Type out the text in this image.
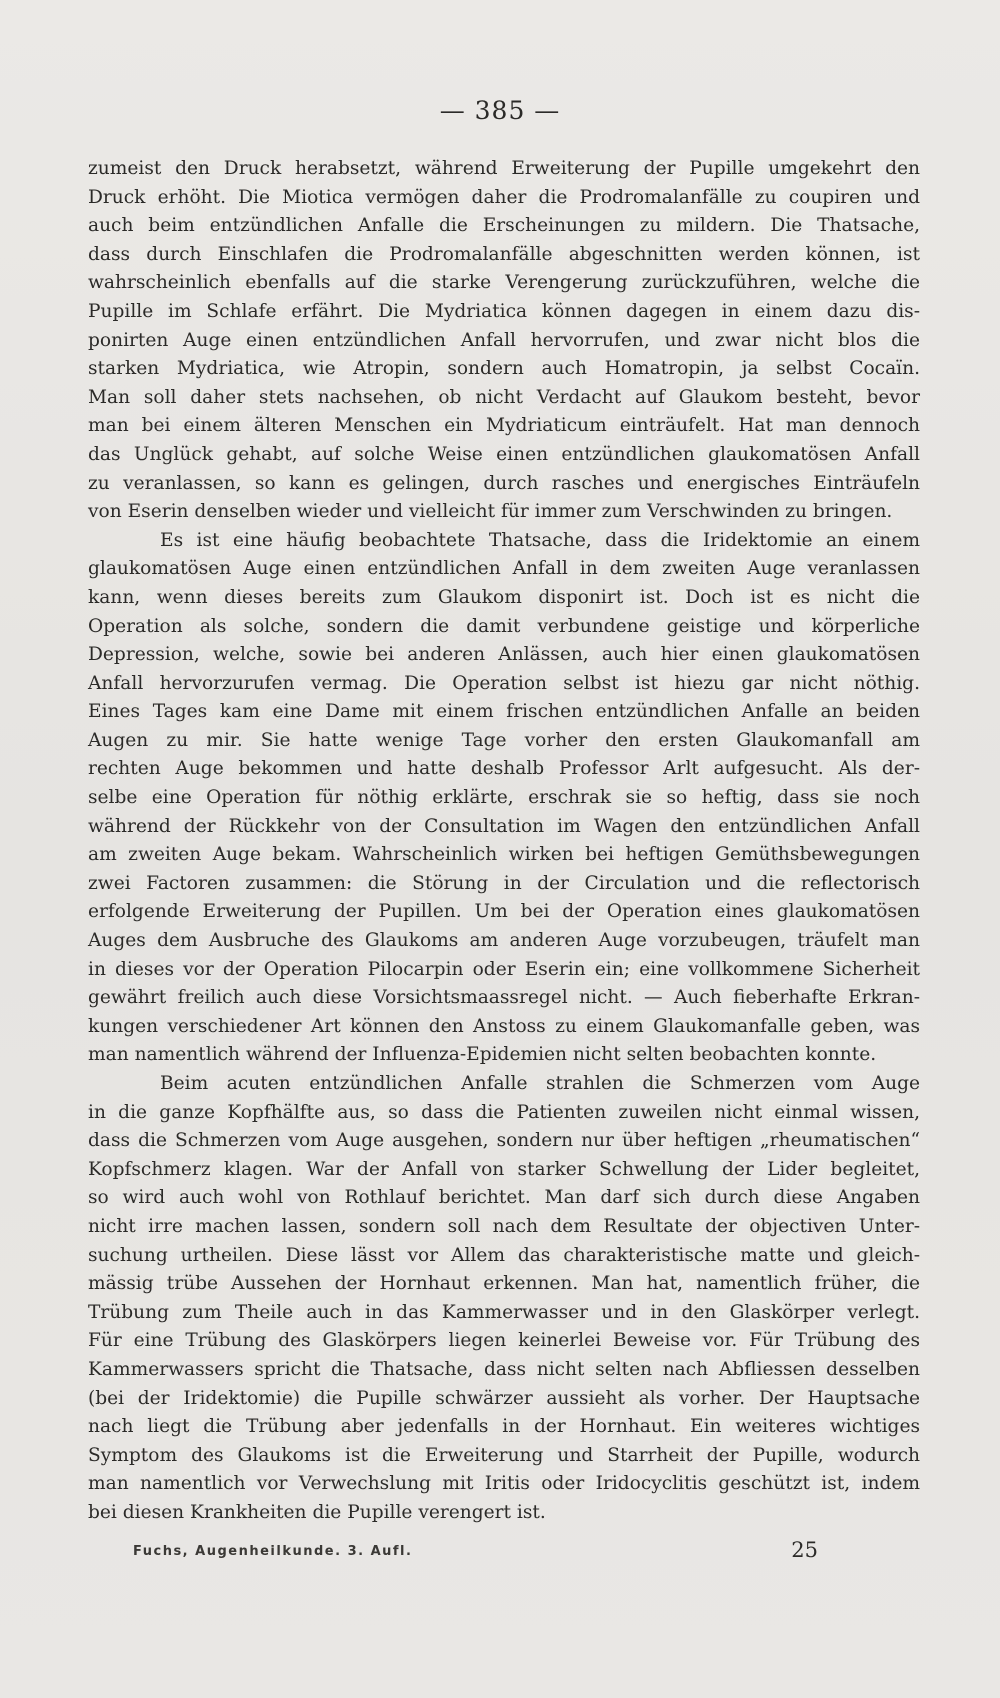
— 385 —

zumeist den Druck herabsetzt, während Erweiterung der Pupille umgekehrt den
Druck erhöht. Die Miotica vermögen daher die Prodromalanfälle zu coupiren und
auch beim entzündlichen Anfalle die Erscheinungen zu mildern. Die Thatsache,
dass durch Einschlafen die Prodromalanfälle abgeschnitten werden können, ist
wahrscheinlich ebenfalls auf die starke Verengerung zurückzuführen, welche die
Pupille im Schlafe erfährt. Die Mydriatica können dagegen in einem dazu dis-
ponirten Auge einen entzündlichen Anfall hervorrufen, und zwar nicht blos die
starken Mydriatica, wie Atropin, sondern auch Homatropin, ja selbst Cocaïn.
Man soll daher stets nachsehen, ob nicht Verdacht auf Glaukom besteht, bevor
man bei einem älteren Menschen ein Mydriaticum einträufelt. Hat man dennoch
das Unglück gehabt, auf solche Weise einen entzündlichen glaukomatösen Anfall
zu veranlassen, so kann es gelingen, durch rasches und energisches Einträufeln
von Eserin denselben wieder und vielleicht für immer zum Verschwinden zu bringen.

Es ist eine häufig beobachtete Thatsache, dass die Iridektomie an einem
glaukomatösen Auge einen entzündlichen Anfall in dem zweiten Auge veranlassen
kann, wenn dieses bereits zum Glaukom disponirt ist. Doch ist es nicht die
Operation als solche, sondern die damit verbundene geistige und körperliche
Depression, welche, sowie bei anderen Anlässen, auch hier einen glaukomatösen
Anfall hervorzurufen vermag. Die Operation selbst ist hiezu gar nicht nöthig.
Eines Tages kam eine Dame mit einem frischen entzündlichen Anfalle an beiden
Augen zu mir. Sie hatte wenige Tage vorher den ersten Glaukomanfall am
rechten Auge bekommen und hatte deshalb Professor Arlt aufgesucht. Als der-
selbe eine Operation für nöthig erklärte, erschrak sie so heftig, dass sie noch
während der Rückkehr von der Consultation im Wagen den entzündlichen Anfall
am zweiten Auge bekam. Wahrscheinlich wirken bei heftigen Gemüthsbewegungen
zwei Factoren zusammen: die Störung in der Circulation und die reflectorisch
erfolgende Erweiterung der Pupillen. Um bei der Operation eines glaukomatösen
Auges dem Ausbruche des Glaukoms am anderen Auge vorzubeugen, träufelt man
in dieses vor der Operation Pilocarpin oder Eserin ein; eine vollkommene Sicherheit
gewährt freilich auch diese Vorsichtsmaassregel nicht. — Auch fieberhafte Erkran-
kungen verschiedener Art können den Anstoss zu einem Glaukomanfalle geben, was
man namentlich während der Influenza-Epidemien nicht selten beobachten konnte.

Beim acuten entzündlichen Anfalle strahlen die Schmerzen vom Auge
in die ganze Kopfhälfte aus, so dass die Patienten zuweilen nicht einmal wissen,
dass die Schmerzen vom Auge ausgehen, sondern nur über heftigen „rheumatischen“
Kopfschmerz klagen. War der Anfall von starker Schwellung der Lider begleitet,
so wird auch wohl von Rothlauf berichtet. Man darf sich durch diese Angaben
nicht irre machen lassen, sondern soll nach dem Resultate der objectiven Unter-
suchung urtheilen. Diese lässt vor Allem das charakteristische matte und gleich-
mässig trübe Aussehen der Hornhaut erkennen. Man hat, namentlich früher, die
Trübung zum Theile auch in das Kammerwasser und in den Glaskörper verlegt.
Für eine Trübung des Glaskörpers liegen keinerlei Beweise vor. Für Trübung des
Kammerwassers spricht die Thatsache, dass nicht selten nach Abfliessen desselben
(bei der Iridektomie) die Pupille schwärzer aussieht als vorher. Der Hauptsache
nach liegt die Trübung aber jedenfalls in der Hornhaut. Ein weiteres wichtiges
Symptom des Glaukoms ist die Erweiterung und Starrheit der Pupille, wodurch
man namentlich vor Verwechslung mit Iritis oder Iridocyclitis geschützt ist, indem
bei diesen Krankheiten die Pupille verengert ist.

Fuchs, Augenheilkunde. 3. Aufl.	25
